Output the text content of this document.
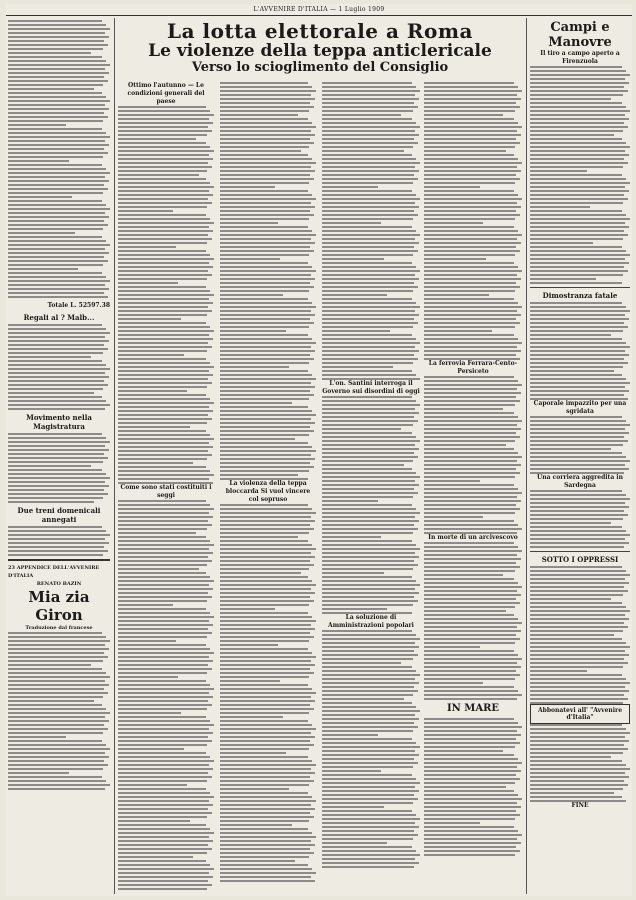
L'AVVENIRE D'ITALIA — 1 Luglio 1909
Totale L. 52597.38
Regali al ? Malb...
Movimento nella Magistratura
Due treni domenicali annegati
23 APPENDICE DELL'AVVENIRE D'ITALIA
RENATO BAZIN
Mia zia Giron
Traduzione dal francese
La lotta elettorale a Roma
Le violenze della teppa anticlericale
Verso lo scioglimento del Consiglio
Ottimo l'autunno — Le condizioni generali del paese
Come sono stati costituiti i seggi
La violenza della teppa bloccarda Si vuol vincere col sopruso
L'on. Santini interroga il Governo sui disordini di oggi
La soluzione di Amministrazioni popolari
La ferrovia Ferrara-Cento-Persiceto
In morte di un arcivescovo
IN MARE
Campi e Manovre
Il tiro a campo aperto a Firenzuola
Dimostranza fatale
Caporale impazzito per una sgridata
Una corriera aggredita in Sardegna
SOTTO I OPPRESSI
Abbonatevi all' "Avvenire d'Italia"
FINE
